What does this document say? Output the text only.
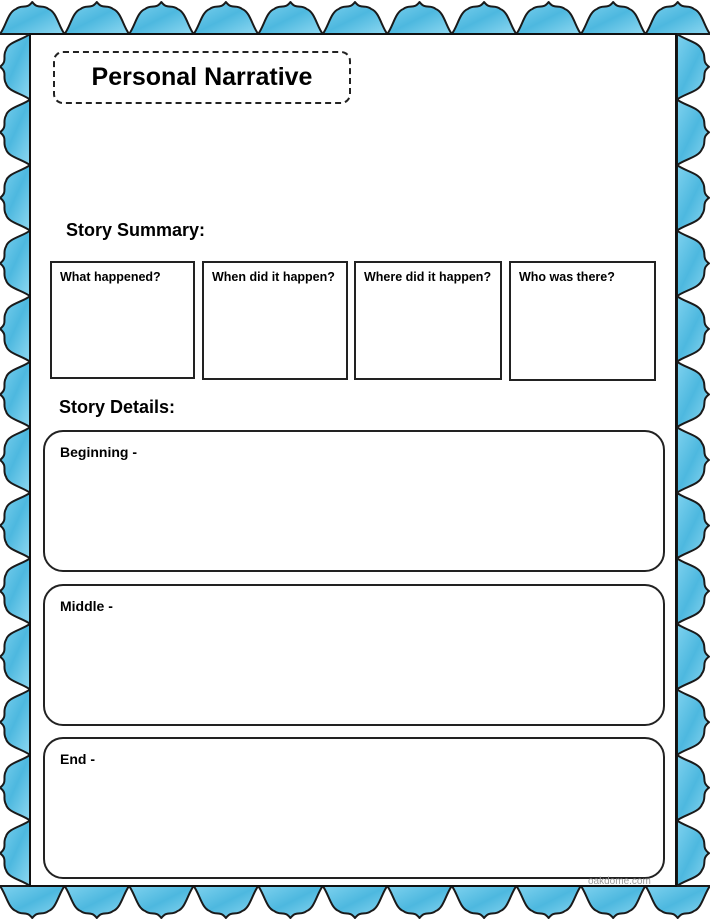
Personal Narrative
Story Summary:
What happened?	When did it happen? Where did it happen? Who was there?
Story Details:
Beginning -
Middle -
End -
oakdome.com
